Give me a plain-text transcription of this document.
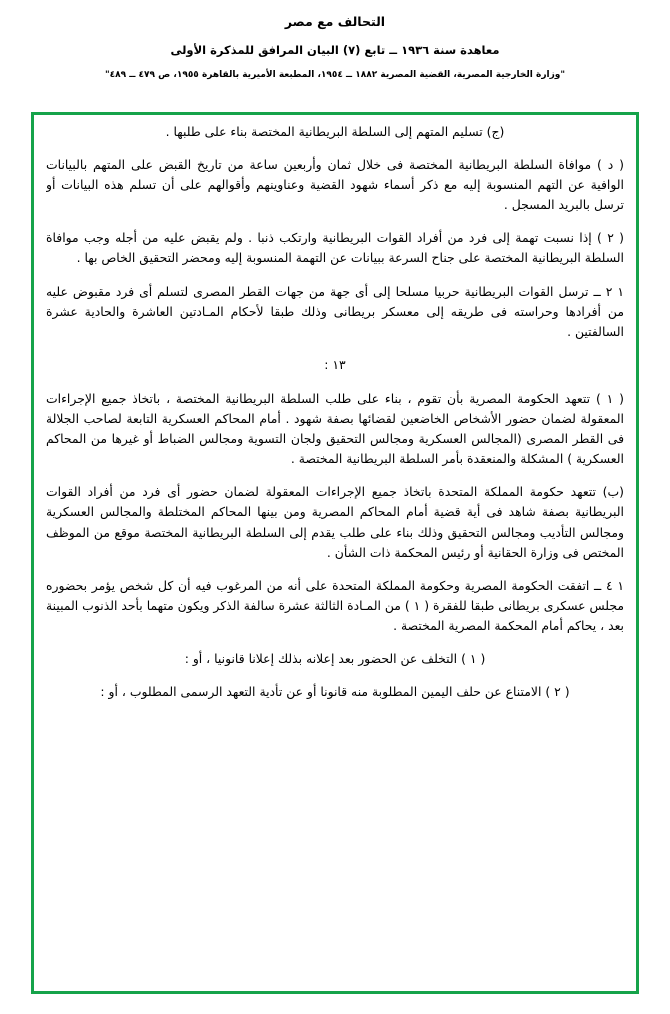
التحالف مع مصر
معاهدة سنة ١٩٣٦ ــ تابع (٧) البيان المرافق للمذكرة الأولى
"وزارة الخارجية المصرية، القضية المصرية ١٨٨٢ ــ ١٩٥٤، المطبعة الأميرية بالقاهرة ١٩٥٥، ص ٤٧٩ ــ ٤٨٩"
(ج) تسليم المتهم إلى السلطة البريطانية المختصة بناء على طلبها .
( د ) موافاة السلطة البريطانية المختصة فى خلال ثمان وأربعين ساعة من تاريخ القبض على المتهم بالبيانات الوافية عن التهم المنسوبة إليه مع ذكر أسماء شهود القضية وعناوينهم وأقوالهم على أن تسلم هذه البيانات أو ترسل بالبريد المسجل .
( ٢ ) إذا نسبت تهمة إلى فرد من أفراد القوات البريطانية وارتكب ذنبا . ولم يقبض عليه من أجله وجب موافاة السلطة البريطانية المختصة على جناح السرعة ببيانات عن التهمة المنسوبة إليه ومحضر التحقيق الخاص بها .
١ ٢ ــ ترسل القوات البريطانية حربيا مسلحا إلى أى جهة من جهات القطر المصرى لتسلم أى فرد مقبوض عليه من أفرادها وحراسته فى طريقه إلى معسكر بريطانى وذلك طبقا لأحكام المـادتين العاشرة والحادية عشرة السالفتين .
١٣ :
( ١ ) تتعهد الحكومة المصرية بأن تقوم ، بناء على طلب السلطة البريطانية المختصة ، باتخاذ جميع الإجراءات المعقولة لضمان حضور الأشخاص الخاضعين لقضائها بصفة شهود . أمام المحاكم العسكرية التابعة لصاحب الجلالة فى القطر المصرى (المجالس العسكرية ومجالس التحقيق ولجان التسوية ومجالس الضباط أو غيرها من المحاكم العسكرية ) المشكلة والمنعقدة بأمر السلطة البريطانية المختصة .
(ب) تتعهد حكومة المملكة المتحدة باتخاذ جميع الإجراءات المعقولة لضمان حضور أى فرد من أفراد القوات البريطانية بصفة شاهد فى أية قضية أمام المحاكم المصرية ومن بينها المحاكم المختلطة والمجالس العسكرية ومجالس التأديب ومجالس التحقيق وذلك بناء على طلب يقدم إلى السلطة البريطانية المختصة موقع من الموظف المختص فى وزارة الحقانية أو رئيس المحكمة ذات الشأن .
١ ٤ ــ اتفقت الحكومة المصرية وحكومة المملكة المتحدة على أنه من المرغوب فيه أن كل شخص يؤمر بحضوره مجلس عسكرى بريطانى طبقا للفقرة ( ١ ) من المـادة الثالثة عشرة سالفة الذكر ويكون متهما بأحد الذنوب المبينة بعد ، يحاكم أمام المحكمة المصرية المختصة .
( ١ ) التخلف عن الحضور بعد إعلانه بذلك إعلانا قانونيا ، أو :
( ٢ ) الامتناع عن حلف اليمين المطلوبة منه قانونا أو عن تأدية التعهد الرسمى المطلوب ، أو :
